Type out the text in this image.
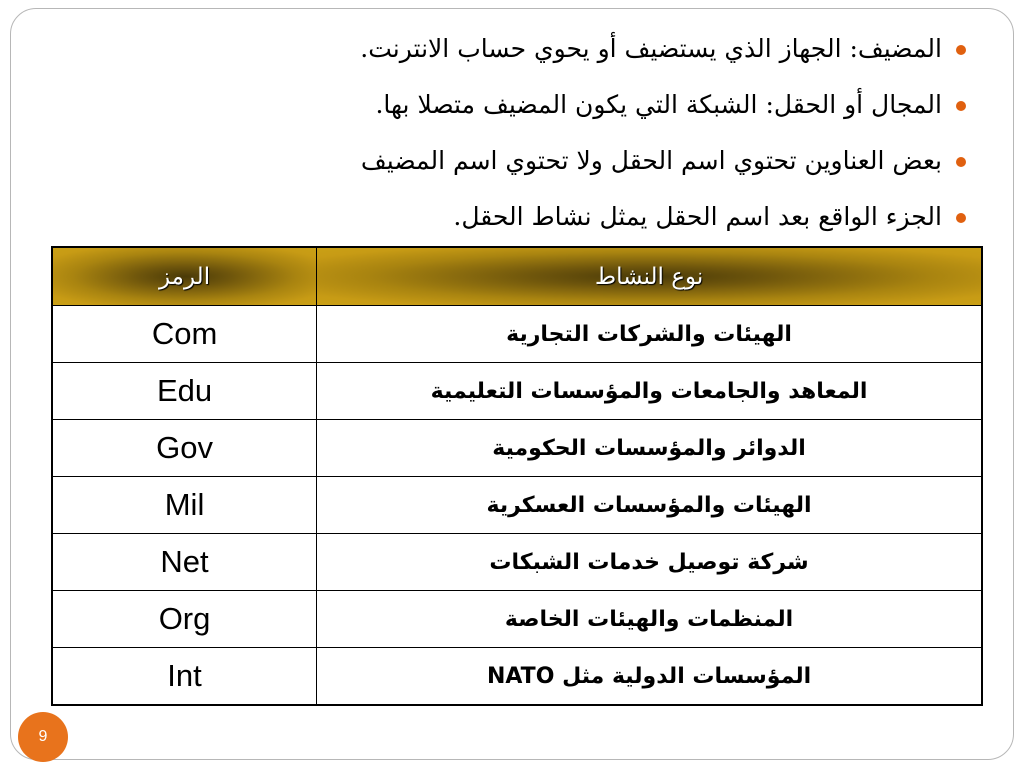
المضيف: الجهاز الذي يستضيف أو يحوي حساب الانترنت.
المجال أو الحقل: الشبكة التي يكون المضيف متصلا بها.
بعض العناوين تحتوي اسم الحقل ولا تحتوي اسم المضيف
الجزء الواقع بعد اسم الحقل يمثل نشاط الحقل.
نوع النشاط	الرمز
الهيئات والشركات التجارية	Com
المعاهد والجامعات والمؤسسات التعليمية	Edu
الدوائر والمؤسسات الحكومية	Gov
الهيئات والمؤسسات العسكرية	Mil
شركة توصيل خدمات الشبكات	Net
المنظمات والهيئات الخاصة	Org
المؤسسات الدولية مثل NATO	Int
9
